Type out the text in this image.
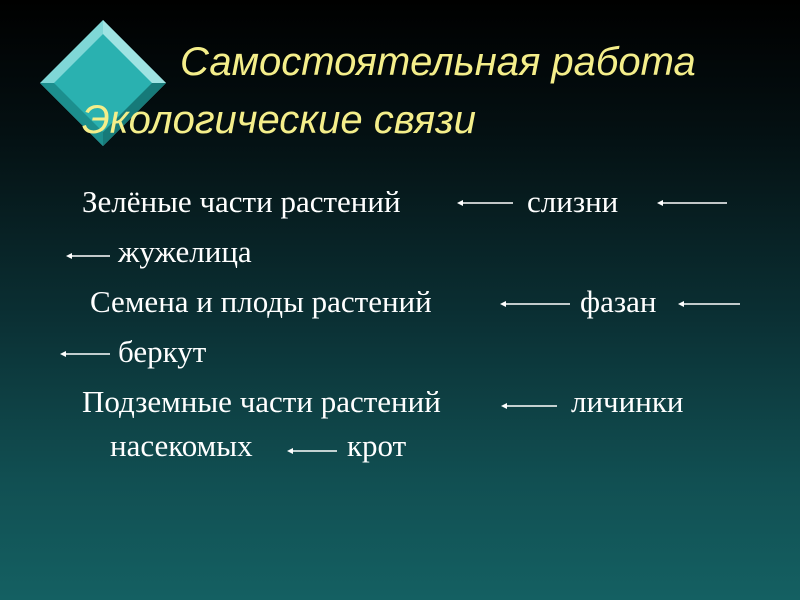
Самостоятельная работа
Экологические связи
Зелёные части растений	слизни
жужелица
Семена и плоды растений	фазан
беркут
Подземные части растений	личинки
насекомых	крот
